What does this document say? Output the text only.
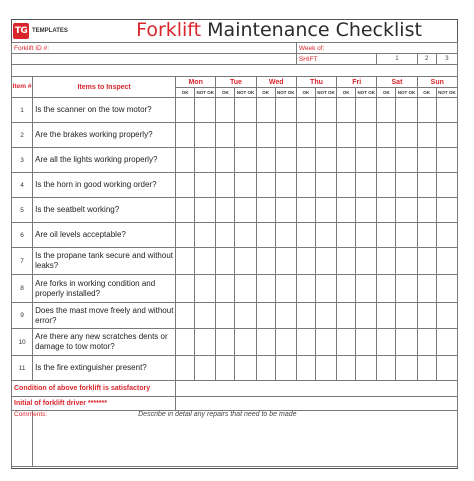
TG TEMPLATES	Forklift Maintenance Checklist
Forklift ID #:								Week of:							
								SHIFT				1		2	3

Item #	Items to Inspect	Mon		Tue		Wed		Thu		Fri		Sat		Sun	
		OK	NOT OK	OK	NOT OK	OK	NOT OK	OK	NOT OK	OK	NOT OK	OK	NOT OK	OK	NOT OK
1	Is the scanner on the tow motor?														
2	Are the brakes working properly?														
3	Are all the lights working properly?														
4	Is the horn in good working order?														
5	Is the seatbelt working?														
6	Are oil levels acceptable?														
7	Is the propane tank secure and without leaks?														
8	Are forks in working condition and properly installed?														
9	Does the mast move freely and without error?														
10	Are there any new scratches dents or damage to tow motor?														
11	Is the fire extinguisher present?														
Condition of above forklift is satisfactory															
Initial of forklift driver *******															
Comments:	Describe in detail any repairs that need to be made														
